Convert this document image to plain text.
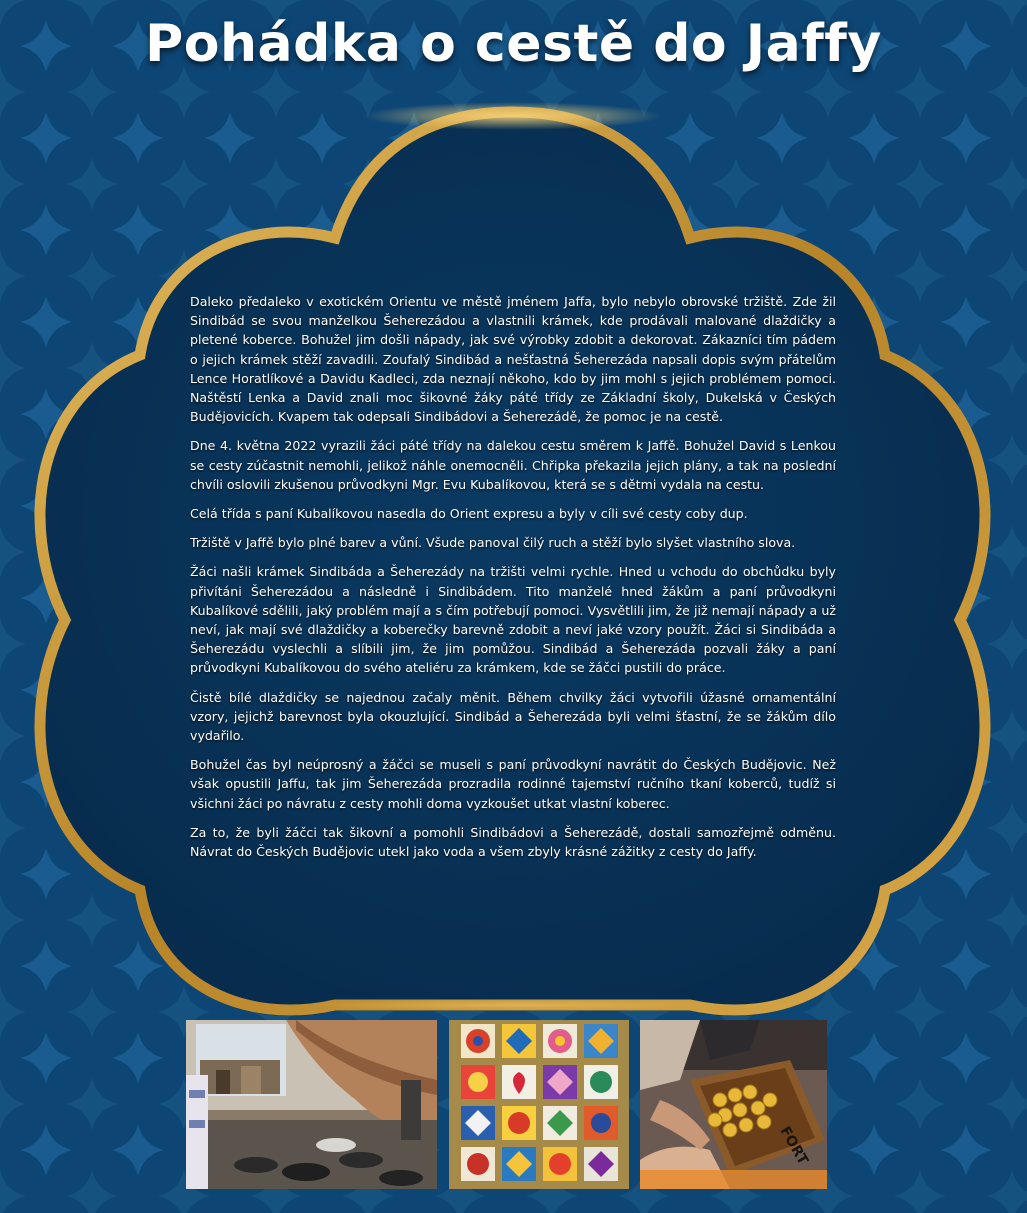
Pohádka o cestě do Jaffy

Daleko předaleko v exotickém Orientu ve městě jménem Jaffa, bylo nebylo obrovské tržiště. Zde žil Sindibád se svou manželkou Šeherezádou a vlastnili krámek, kde prodávali malované dlaždičky a pletené koberce. Bohužel jim došli nápady, jak své výrobky zdobit a dekorovat. Zákazníci tím pádem o jejich krámek stěží zavadili. Zoufalý Sindibád a nešťastná Šeherezáda napsali dopis svým přátelům Lence Horatlíkové a Davidu Kadleci, zda neznají někoho, kdo by jim mohl s jejich problémem pomoci. Naštěstí Lenka a David znali moc šikovné žáky páté třídy ze Základní školy, Dukelská v Českých Budějovicích. Kvapem tak odepsali Sindibádovi a Šeherezádě, že pomoc je na cestě.

Dne 4. května 2022 vyrazili žáci páté třídy na dalekou cestu směrem k Jaffě. Bohužel David s Lenkou se cesty zúčastnit nemohli, jelikož náhle onemocněli. Chřipka překazila jejich plány, a tak na poslední chvíli oslovili zkušenou průvodkyni Mgr. Evu Kubalíkovou, která se s dětmi vydala na cestu.

Celá třída s paní Kubalíkovou nasedla do Orient expresu a byly v cíli své cesty coby dup.

Tržiště v Jaffě bylo plné barev a vůní. Všude panoval čilý ruch a stěží bylo slyšet vlastního slova.

Žáci našli krámek Sindibáda a Šeherezády na tržišti velmi rychle. Hned u vchodu do obchůdku byly přivítáni Šeherezádou a následně i Sindibádem. Tito manželé hned žákům a paní průvodkyni Kubalíkové sdělili, jaký problém mají a s čím potřebují pomoci. Vysvětlili jim, že již nemají nápady a už neví, jak mají své dlaždičky a koberečky barevně zdobit a neví jaké vzory použít. Žáci si Sindibáda a Šeherezádu vyslechli a slíbili jim, že jim pomůžou. Sindibád a Šeherezáda pozvali žáky a paní průvodkyni Kubalíkovou do svého ateliéru za krámkem, kde se žáčci pustili do práce.

Čistě bílé dlaždičky se najednou začaly měnit. Během chvilky žáci vytvořili úžasné ornamentální vzory, jejichž barevnost byla okouzlující. Sindibád a Šeherezáda byli velmi šťastní, že se žákům dílo vydařilo.

Bohužel čas byl neúprosný a žáčci se museli s paní průvodkyní navrátit do Českých Budějovic. Než však opustili Jaffu, tak jim Šeherezáda prozradila rodinné tajemství ručního tkaní koberců, tudíž si všichni žáci po návratu z cesty mohli doma vyzkoušet utkat vlastní koberec.

Za to, že byli žáčci tak šikovní a pomohli Sindibádovi a Šeherezádě, dostali samozřejmě odměnu. Návrat do Českých Budějovic utekl jako voda a všem zbyly krásné zážitky z cesty do Jaffy.

FORT
